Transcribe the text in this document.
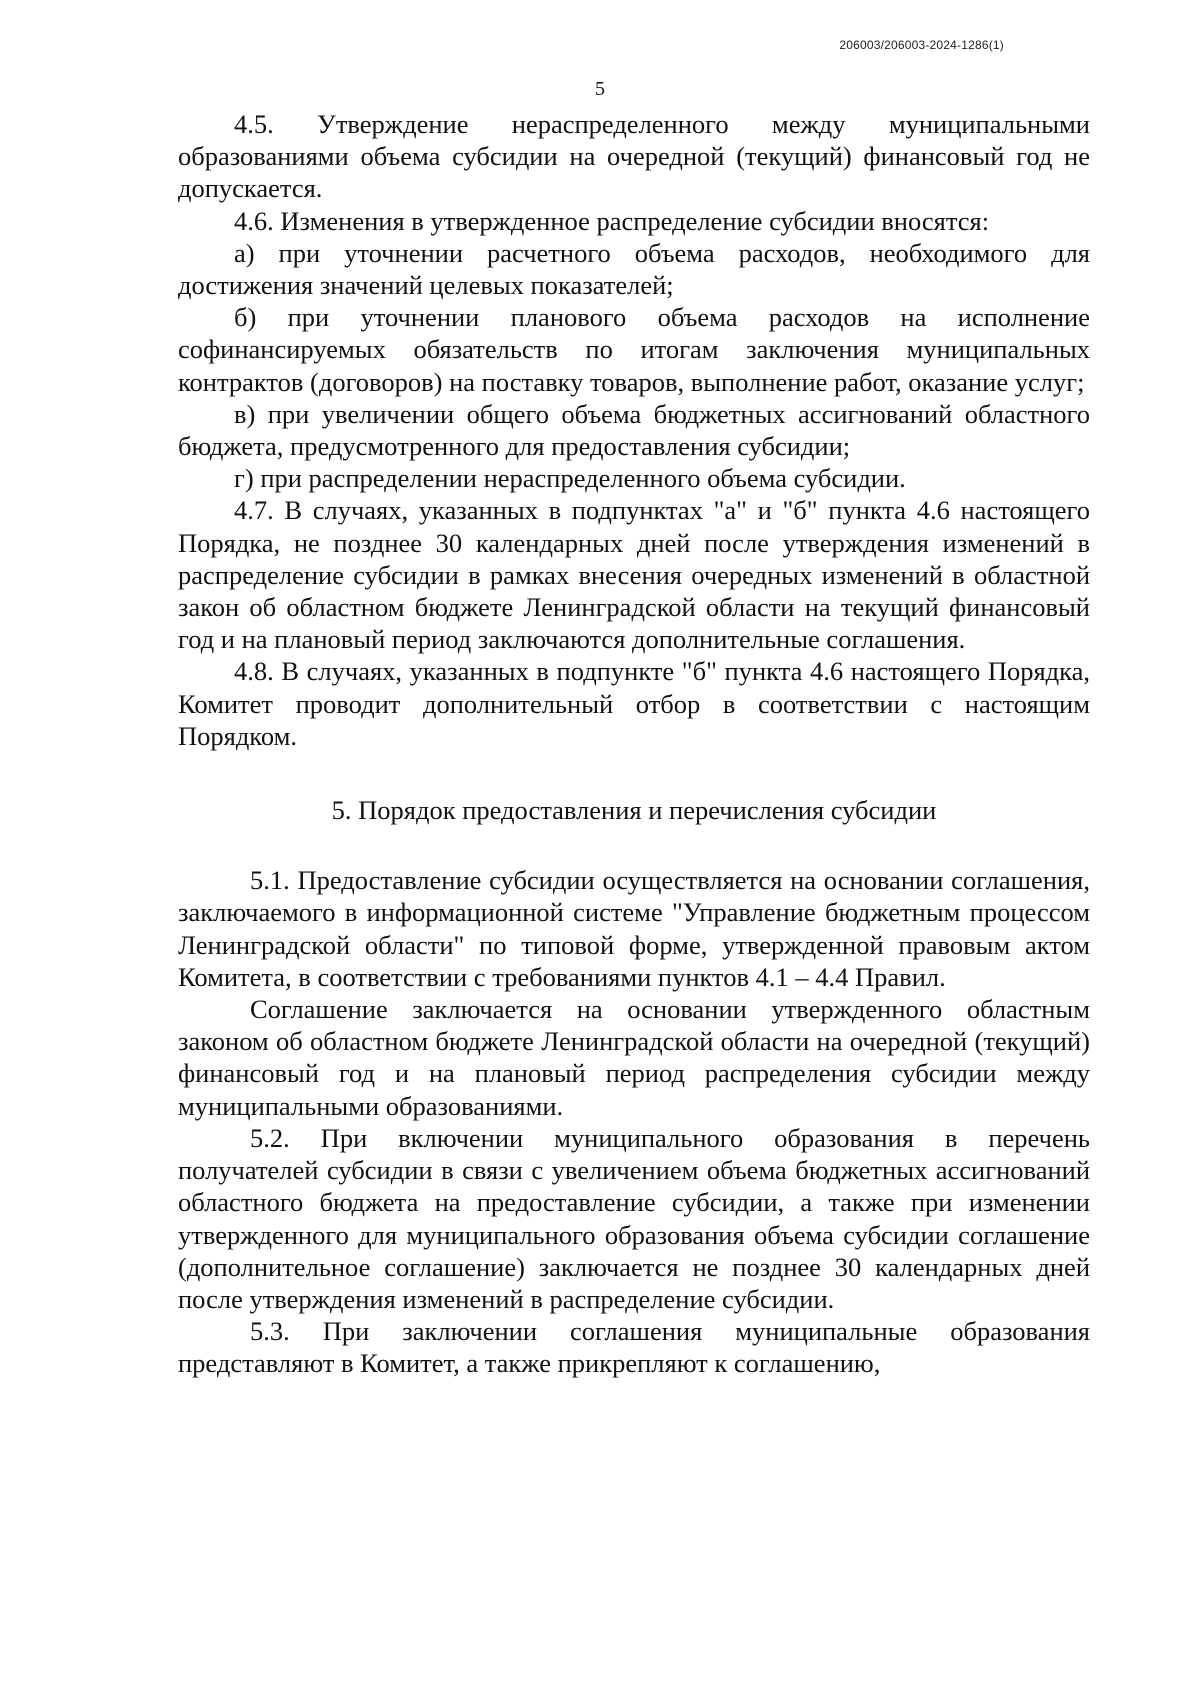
206003/206003-2024-1286(1)
5

4.5. Утверждение нераспределенного между муниципальными образованиями объема субсидии на очередной (текущий) финансовый год не допускается.

4.6. Изменения в утвержденное распределение субсидии вносятся:

а) при уточнении расчетного объема расходов, необходимого для достижения значений целевых показателей;

б) при уточнении планового объема расходов на исполнение софинансируемых обязательств по итогам заключения муниципальных контрактов (договоров) на поставку товаров, выполнение работ, оказание услуг;

в) при увеличении общего объема бюджетных ассигнований областного бюджета, предусмотренного для предоставления субсидии;

г) при распределении нераспределенного объема субсидии.

4.7. В случаях, указанных в подпунктах "а" и "б" пункта 4.6 настоящего Порядка, не позднее 30 календарных дней после утверждения изменений в распределение субсидии в рамках внесения очередных изменений в областной закон об областном бюджете Ленинградской области на текущий финансовый год и на плановый период заключаются дополнительные соглашения.

4.8. В случаях, указанных в подпункте "б" пункта 4.6 настоящего Порядка, Комитет проводит дополнительный отбор в соответствии с настоящим Порядком.

5. Порядок предоставления и перечисления субсидии

5.1. Предоставление субсидии осуществляется на основании соглашения, заключаемого в информационной системе "Управление бюджетным процессом Ленинградской области" по типовой форме, утвержденной правовым актом Комитета, в соответствии с требованиями пунктов 4.1 – 4.4 Правил.

Соглашение заключается на основании утвержденного областным законом об областном бюджете Ленинградской области на очередной (текущий) финансовый год и на плановый период распределения субсидии между муниципальными образованиями.

5.2. При включении муниципального образования в перечень получателей субсидии в связи с увеличением объема бюджетных ассигнований областного бюджета на предоставление субсидии, а также при изменении утвержденного для муниципального образования объема субсидии соглашение (дополнительное соглашение) заключается не позднее 30 календарных дней после утверждения изменений в распределение субсидии.

5.3. При заключении соглашения муниципальные образования представляют в Комитет, а также прикрепляют к соглашению,
